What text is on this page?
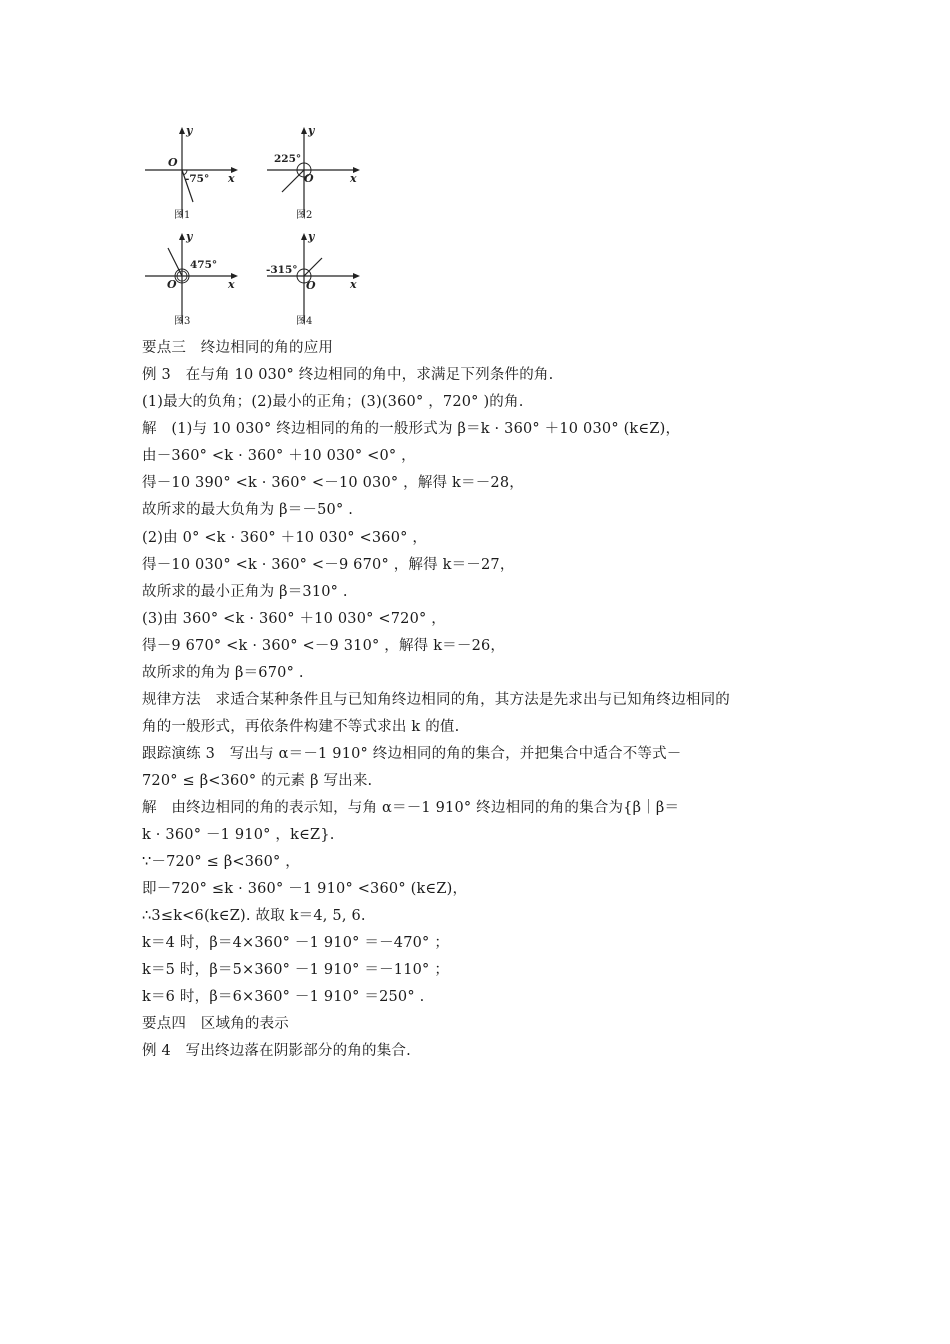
y
x
O
-75°
图1
y
x
O
225°
图2
y
x
O
475°
图3
y
x
O
-315°
图4
要点三　终边相同的角的应用
例 3　在与角 10 030° 终边相同的角中，求满足下列条件的角.
(1)最大的负角；(2)最小的正角；(3)(360° ，720° )的角.
解　(1)与 10 030° 终边相同的角的一般形式为 β＝k · 360° ＋10 030° (k∈Z)，
由－360° <k · 360° ＋10 030° <0° ，
得－10 390° <k · 360° <－10 030° ，解得 k＝－28，
故所求的最大负角为 β＝－50° .
(2)由 0° <k · 360° ＋10 030° <360° ，
得－10 030° <k · 360° <－9 670° ，解得 k＝－27，
故所求的最小正角为 β＝310° .
(3)由 360° <k · 360° ＋10 030° <720° ，
得－9 670° <k · 360° <－9 310° ，解得 k＝－26，
故所求的角为 β＝670° .
规律方法　求适合某种条件且与已知角终边相同的角，其方法是先求出与已知角终边相同的
角的一般形式，再依条件构建不等式求出 k 的值.
跟踪演练 3　写出与 α＝－1 910° 终边相同的角的集合，并把集合中适合不等式－
720° ≤ β<360° 的元素 β 写出来.
解　由终边相同的角的表示知，与角 α＝－1 910° 终边相同的角的集合为{β｜β＝
k · 360° －1 910° ，k∈Z}.
∵－720° ≤ β<360° ，
即－720° ≤k · 360° －1 910° <360° (k∈Z)，
∴3≤k<6(k∈Z). 故取 k＝4, 5, 6.
k＝4 时，β＝4×360° －1 910° ＝－470° ；
k＝5 时，β＝5×360° －1 910° ＝－110° ；
k＝6 时，β＝6×360° －1 910° ＝250° .
要点四　区域角的表示
例 4　写出终边落在阴影部分的角的集合.
